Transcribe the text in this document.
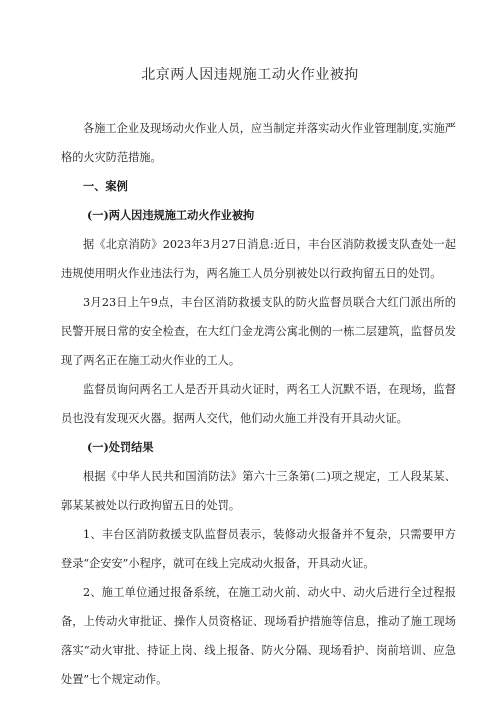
北京两人因违规施工动火作业被拘

各施工企业及现场动火作业人员，应当制定并落实动火作业管理制度,实施严格的火灾防范措施。

一、案例

(一)两人因违规施工动火作业被拘

据《北京消防》2023年3月27日消息:近日，丰台区消防救援支队查处一起违规使用明火作业违法行为，两名施工人员分别被处以行政拘留五日的处罚。

3月23日上午9点，丰台区消防救援支队的防火监督员联合大红门派出所的民警开展日常的安全检查，在大红门金龙湾公寓北侧的一栋二层建筑，监督员发现了两名正在施工动火作业的工人。

监督员询问两名工人是否开具动火证时，两名工人沉默不语，在现场，监督员也没有发现灭火器。据两人交代，他们动火施工并没有开具动火证。

(一)处罚结果

根据《中华人民共和国消防法》第六十三条第(二)项之规定，工人段某某、郭某某被处以行政拘留五日的处罚。

1、丰台区消防救援支队监督员表示，装修动火报备并不复杂，只需要甲方登录“企安安”小程序，就可在线上完成动火报备，开具动火证。

2、施工单位通过报备系统，在施工动火前、动火中、动火后进行全过程报备，上传动火审批证、操作人员资格证、现场看护措施等信息，推动了施工现场落实“动火审批、持证上岗、线上报备、防火分隔、现场看护、岗前培训、应急处置”七个规定动作。
